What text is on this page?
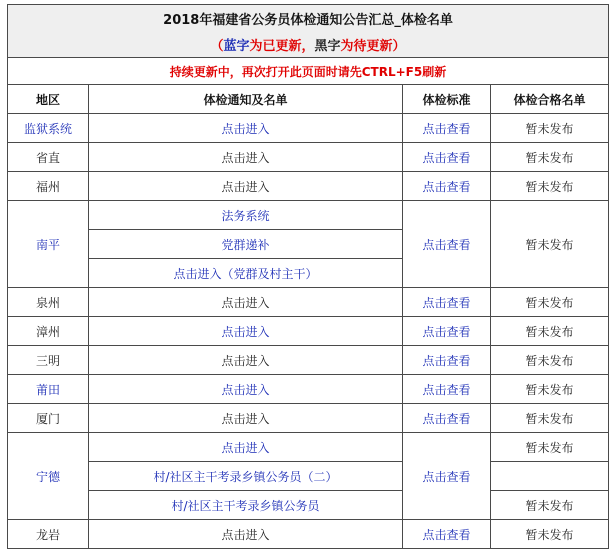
2018年福建省公务员体检通知公告汇总_体检名单			
（蓝字为已更新，黑字为待更新）			
持续更新中，再次打开此页面时请先CTRL+F5刷新			
地区	体检通知及名单	体检标准	体检合格名单
监狱系统	点击进入	点击查看	暂未发布
省直	点击进入	点击查看	暂未发布
福州	点击进入	点击查看	暂未发布
南平	法务系统	点击查看	暂未发布
	党群递补		
	点击进入（党群及村主干）		
泉州	点击进入	点击查看	暂未发布
漳州	点击进入	点击查看	暂未发布
三明	点击进入	点击查看	暂未发布
莆田	点击进入	点击查看	暂未发布
厦门	点击进入	点击查看	暂未发布
宁德	点击进入	点击查看	暂未发布
	村/社区主干考录乡镇公务员（二）		
	村/社区主干考录乡镇公务员		暂未发布
龙岩	点击进入	点击查看	暂未发布
